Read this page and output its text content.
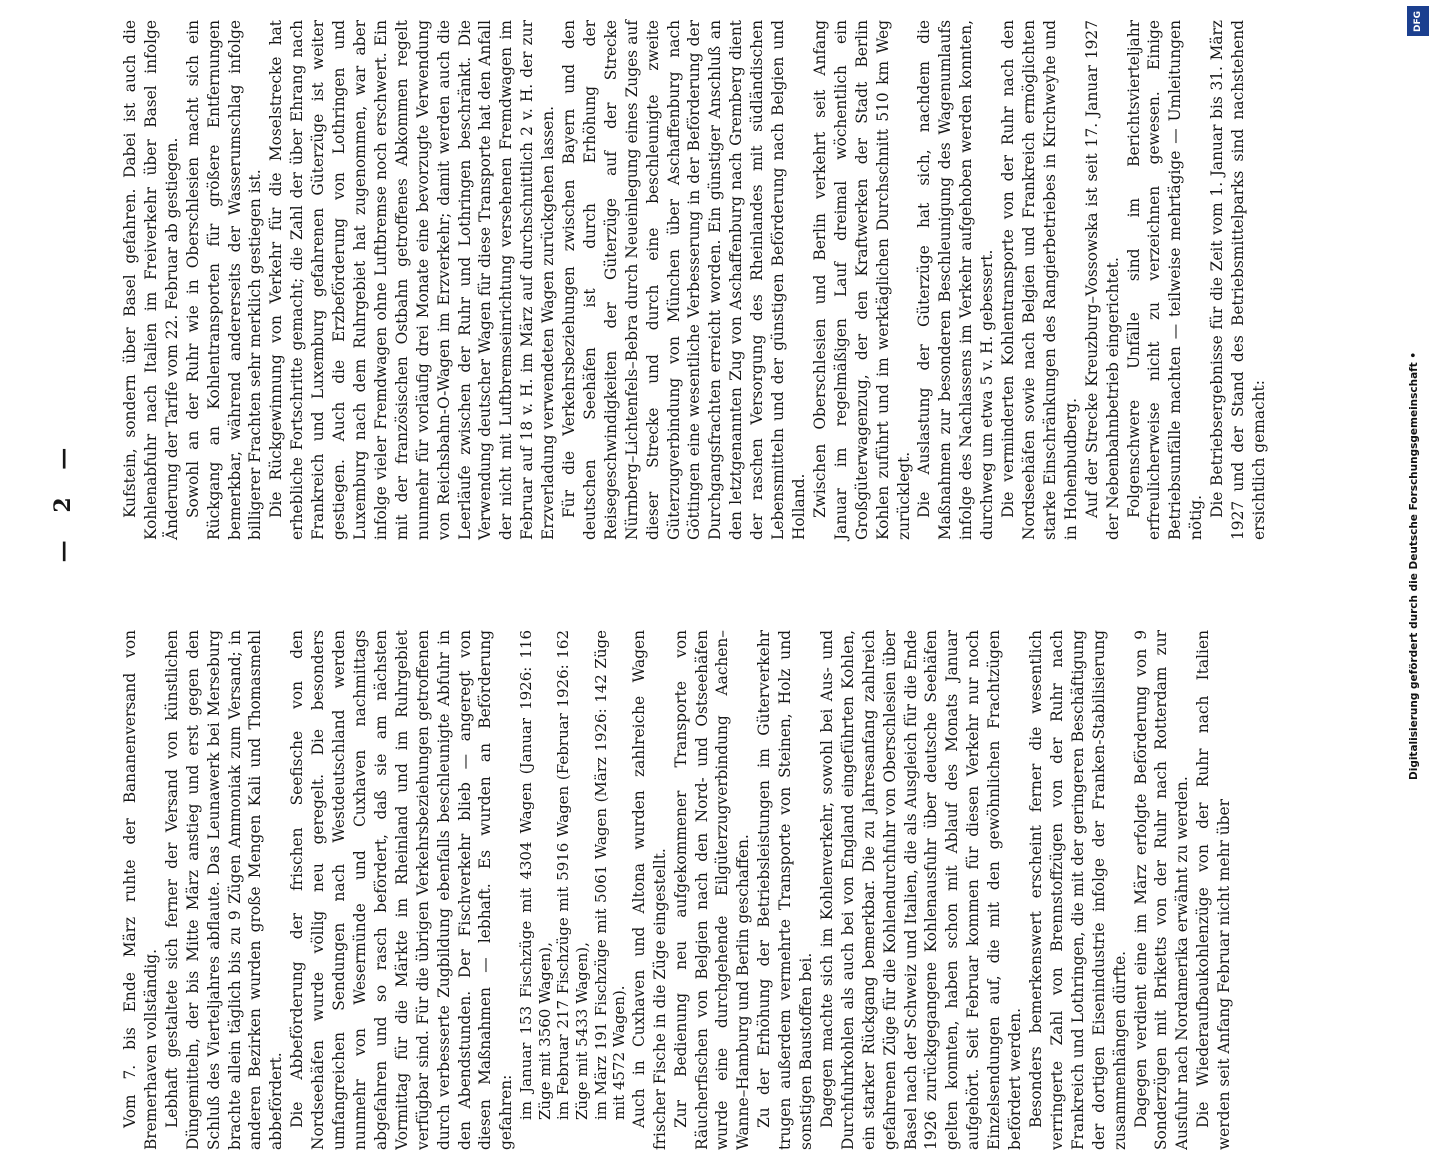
— 2 —

Vom 7. bis Ende März ruhte der Bananenversand von Bremerhaven vollständig. Lebhaft gestaltete sich ferner der Versand von künstlichen Düngemitteln, der bis Mitte März anstieg und erst gegen den Schluß des Vierteljahres abflaute. Das Leunawerk bei Merseburg brachte allein täglich bis zu 9 Zügen Ammoniak zum Versand; in anderen Bezirken wurden große Mengen Kali und Thomasmehl abbefördert. Die Abbeförderung der frischen Seefische von den Nordseehäfen wurde völlig neu geregelt. Die besonders umfangreichen Sendungen nach Westdeutschland werden nunmehr von Wesermünde und Cuxhaven nachmittags abgefahren und so rasch befördert, daß sie am nächsten Vormittag für die Märkte im Rheinland und im Ruhrgebiet verfügbar sind. Für die übrigen Verkehrsbeziehungen getroffenen durch verbesserte Zugbildung ebenfalls beschleunigte Abfuhr in den Abendstunden. Der Fischverkehr blieb — angeregt von diesen Maßnahmen — lebhaft. Es wurden an Beförderung gefahren: im Januar 153 Fischzüge mit 4304 Wagen (Januar 1926: 116 Züge mit 3560 Wagen), im Februar 217 Fischzüge mit 5916 Wagen (Februar 1926: 162 Züge mit 5433 Wagen), im März 191 Fischzüge mit 5061 Wagen (März 1926: 142 Züge mit 4572 Wagen). Auch in Cuxhaven und Altona wurden zahlreiche Wagen frischer Fische in die Züge eingestellt. Zur Bedienung neu aufgekommener Transporte von Räucherfischen von Belgien nach den Nord- und Ostseehäfen wurde eine durchgehende Eilgüterzugverbindung Aachen–Wanne–Hamburg und Berlin geschaffen. Zu der Erhöhung der Betriebsleistungen im Güterverkehr trugen außerdem vermehrte Transporte von Steinen, Holz und sonstigen Baustoffen bei. Dagegen machte sich im Kohlenverkehr, sowohl bei Aus- und Durchfuhrkohlen als auch bei von England eingeführten Kohlen, ein starker Rückgang bemerkbar. Die zu Jahresanfang zahlreich gefahrenen Züge für die Kohlendurchfuhr von Oberschlesien über Basel nach der Schweiz und Italien, die als Ausgleich für die Ende 1926 zurückgegangene Kohlenausfuhr über deutsche Seehäfen gelten konnten, haben schon mit Ablauf des Monats Januar aufgehört. Seit Februar kommen für diesen Verkehr nur noch Einzelsendungen auf, die mit den gewöhnlichen Frachtzügen befördert werden. Besonders bemerkenswert erscheint ferner die wesentlich verringerte Zahl von Brennstoffzügen von der Ruhr nach Frankreich und Lothringen, die mit der geringeren Beschäftigung der dortigen Eisenindustrie infolge der Franken-Stabilisierung zusammenhängen dürfte. Dagegen verdient eine im März erfolgte Beförderung von 9 Sonderzügen mit Briketts von der Ruhr nach Rotterdam zur Ausfuhr nach Nordamerika erwähnt zu werden. Die Wiederaufbaukohlenzüge von der Ruhr nach Italien werden seit Anfang Februar nicht mehr über

Kufstein, sondern über Basel gefahren. Dabei ist auch die Kohlenabfuhr nach Italien im Freiverkehr über Basel infolge Änderung der Tarife vom 22. Februar ab gestiegen. Sowohl an der Ruhr wie in Oberschlesien macht sich ein Rückgang an Kohlentransporten für größere Entfernungen bemerkbar, während andererseits der Wasserumschlag infolge billigerer Frachten sehr merklich gestiegen ist. Die Rückgewinnung von Verkehr für die Moselstrecke hat erhebliche Fortschritte gemacht; die Zahl der über Ehrang nach Frankreich und Luxemburg gefahrenen Güterzüge ist weiter gestiegen. Auch die Erzbeförderung von Lothringen und Luxemburg nach dem Ruhrgebiet hat zugenommen, war aber infolge vieler Fremdwagen ohne Luftbremse noch erschwert. Ein mit der französischen Ostbahn getroffenes Abkommen regelt nunmehr für vorläufig drei Monate eine bevorzugte Verwendung von Reichsbahn-O-Wagen im Erzverkehr; damit werden auch die Leerläufe zwischen der Ruhr und Lothringen beschränkt. Die Verwendung deutscher Wagen für diese Transporte hat den Anfall der nicht mit Luftbremseinrichtung versehenen Fremdwagen im Februar auf 18 v. H. im März auf durchschnittlich 2 v. H. der zur Erzverladung verwendeten Wagen zurückgehen lassen. Für die Verkehrsbeziehungen zwischen Bayern und den deutschen Seehäfen ist durch Erhöhung der Reisegeschwindigkeiten der Güterzüge auf der Strecke Nürnberg–Lichtenfels–Bebra durch Neueinlegung eines Zuges auf dieser Strecke und durch eine beschleunigte zweite Güterzugverbindung von München über Aschaffenburg nach Göttingen eine wesentliche Verbesserung in der Beförderung der Durchgangsfrachten erreicht worden. Ein günstiger Anschluß an den letztgenannten Zug von Aschaffenburg nach Gremberg dient der raschen Versorgung des Rheinlandes mit südländischen Lebensmitteln und der günstigen Beförderung nach Belgien und Holland. Zwischen Oberschlesien und Berlin verkehrt seit Anfang Januar im regelmäßigen Lauf dreimal wöchentlich ein Großgüterwagenzug, der den Kraftwerken der Stadt Berlin Kohlen zuführt und im werktäglichen Durchschnitt 510 km Weg zurücklegt. Die Auslastung der Güterzüge hat sich, nachdem die Maßnahmen zur besonderen Beschleunigung des Wagenumlaufs infolge des Nachlassens im Verkehr aufgehoben werden konnten, durchweg um etwa 5 v. H. gebessert. Die verminderten Kohlentransporte von der Ruhr nach den Nordseehäfen sowie nach Belgien und Frankreich ermöglichten starke Einschränkungen des Rangierbetriebes in Kirchweyhe und in Hohenbudberg. Auf der Strecke Kreuzburg–Vossowska ist seit 17. Januar 1927 der Nebenbahnbetrieb eingerichtet. Folgenschwere Unfälle sind im Berichtsvierteljahr erfreulicherweise nicht zu verzeichnen gewesen. Einige Betriebsunfälle machten — teilweise mehrtägige — Umleitungen nötig. Die Betriebsergebnisse für die Zeit vom 1. Januar bis 31. März 1927 und der Stand des Betriebsmittelparks sind nachstehend ersichtlich gemacht:

DFG
Digitalisierung gefördert durch die Deutsche Forschungsgemeinschaft •
